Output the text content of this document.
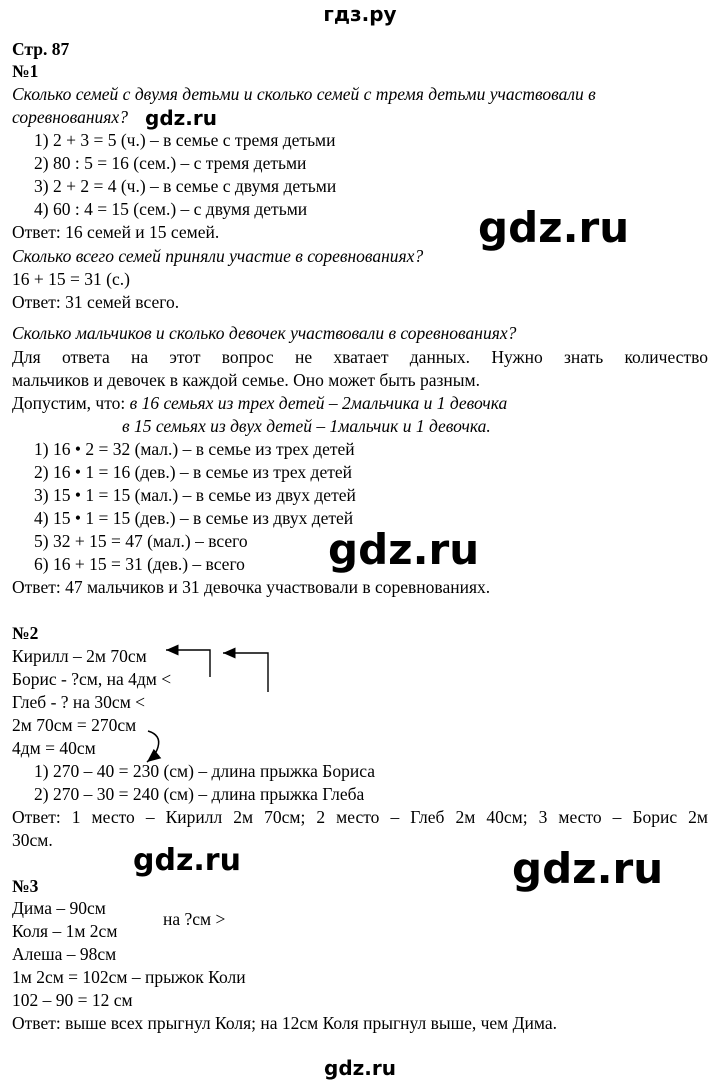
гдз.ру
Стр. 87
№1
Сколько семей с двумя детьми и сколько семей с тремя детьми участвовали в
соревнованиях?
1) 2 + 3 = 5 (ч.) – в семье с тремя детьми
2) 80 : 5 = 16 (сем.) – с тремя детьми
3) 2 + 2 = 4 (ч.) – в семье с двумя детьми
4) 60 : 4 = 15 (сем.) – с двумя детьми
Ответ: 16 семей и 15 семей.
Сколько всего семей приняли участие в соревнованиях?
16 + 15 = 31 (с.)
Ответ: 31 семей всего.
Сколько мальчиков и сколько девочек участвовали в соревнованиях?
Для ответа на этот вопрос не хватает данных. Нужно знать количество
мальчиков и девочек в каждой семье. Оно может быть разным.
Допустим, что: в 16 семьях из трех детей – 2мальчика и 1 девочка
в 15 семьях из двух детей – 1мальчик и 1 девочка.
1) 16 • 2 = 32 (мал.) – в семье из трех детей
2) 16 • 1 = 16 (дев.) – в семье из трех детей
3) 15 • 1 = 15 (мал.) – в семье из двух детей
4) 15 • 1 = 15 (дев.) – в семье из двух детей
5) 32 + 15 = 47 (мал.) – всего
6) 16 + 15 = 31 (дев.) – всего
Ответ: 47 мальчиков и 31 девочка участвовали в соревнованиях.
№2
Кирилл – 2м 70см
Борис - ?см, на 4дм <
Глеб - ? на 30см <
2м 70см = 270см
4дм = 40см
1) 270 – 40 = 230 (см) – длина прыжка Бориса
2) 270 – 30 = 240 (см) – длина прыжка Глеба
Ответ: 1 место – Кирилл 2м 70см; 2 место – Глеб 2м 40см; 3 место – Борис 2м
30см.
№3
Дима – 90см
Коля – 1м 2см
на ?см >
Алеша – 98см
1м 2см = 102см – прыжок Коли
102 – 90 = 12 см
Ответ: выше всех прыгнул Коля; на 12см Коля прыгнул выше, чем Дима.
gdz.ru
gdz.ru
gdz.ru
gdz.ru	gdz.ru
gdz.ru
